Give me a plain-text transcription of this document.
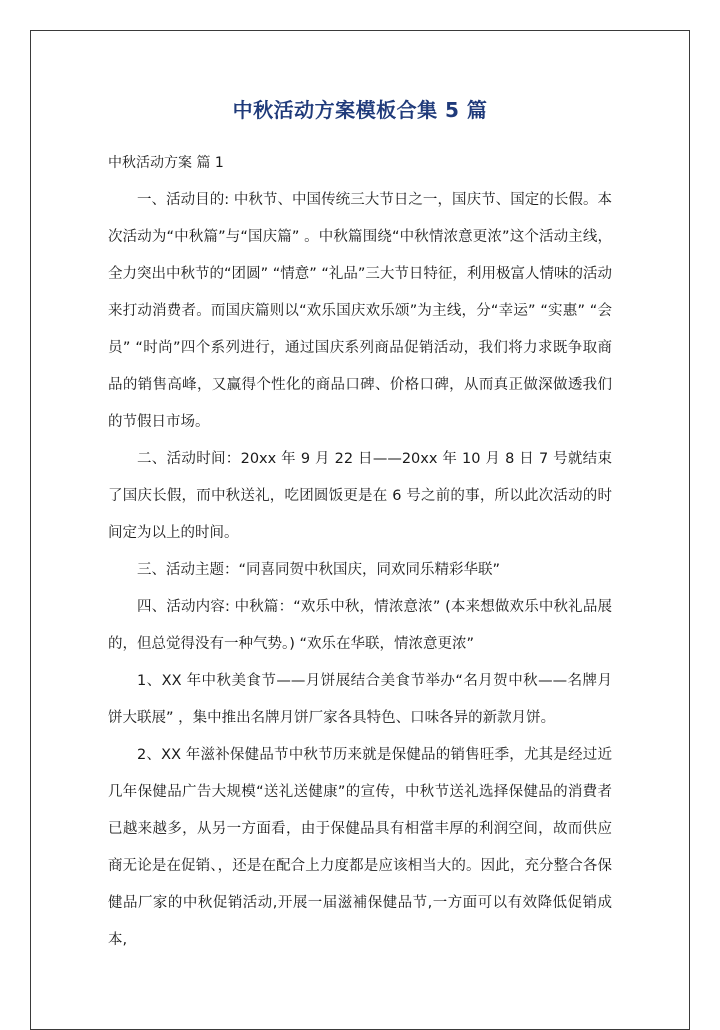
中秋活动方案模板合集 5 篇
中秋活动方案 篇 1

一、活动目的: 中秋节、中国传统三大节日之一，国庆节、国定的长假。本次活动为“中秋篇”与“国庆篇” 。中秋篇围绕“中秋情浓意更浓”这个活动主线，全力突出中秋节的“团圆” “情意” “礼品”三大节日特征，利用极富人情味的活动来打动消费者。而国庆篇则以“欢乐国庆欢乐颂”为主线，分“幸运” “实惠” “会员” “时尚”四个系列进行，通过国庆系列商品促销活动，我们将力求既争取商品的销售高峰，又赢得个性化的商品口碑、价格口碑，从而真正做深做透我们的节假日市场。

二、活动时间：20xx 年 9 月 22 日——20xx 年 10 月 8 日 7 号就结束了国庆长假，而中秋送礼，吃团圆饭更是在 6 号之前的事，所以此次活动的时间定为以上的时间。

三、活动主题：“同喜同贺中秋国庆，同欢同乐精彩华联”

四、活动内容: 中秋篇：“欢乐中秋，情浓意浓” (本来想做欢乐中秋礼品展的，但总觉得没有一种气势。) “欢乐在华联，情浓意更浓”

1、XX 年中秋美食节——月饼展结合美食节举办“名月贺中秋——名牌月饼大联展” ，集中推出名牌月饼厂家各具特色、口味各异的新款月饼。

2、XX 年滋补保健品节中秋节历来就是保健品的销售旺季，尤其是经过近几年保健品广告大规模“送礼送健康”的宣传，中秋节送礼选择保健品的消費者已越来越多，从另一方面看，由于保健品具有相當丰厚的利润空间，故而供应商无论是在促销、，还是在配合上力度都是应该相当大的。因此，充分整合各保健品厂家的中秋促销活动,开展一届滋補保健品节,一方面可以有效降低促销成本,
